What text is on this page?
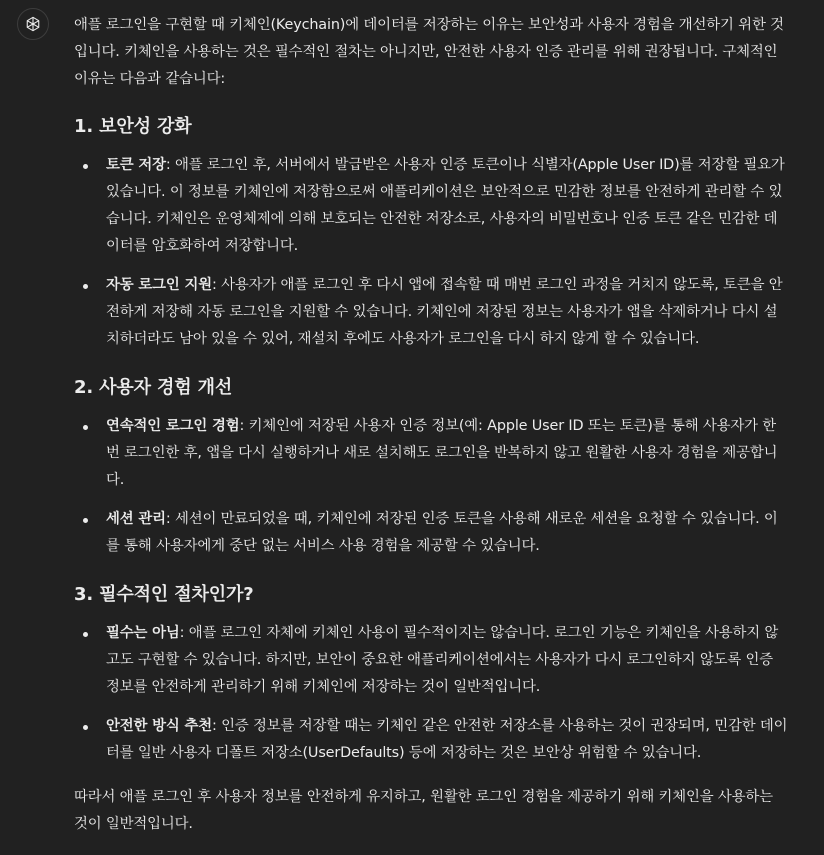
애플 로그인을 구현할 때 키체인(Keychain)에 데이터를 저장하는 이유는 보안성과 사용자 경험을 개선하기 위한 것입니다. 키체인을 사용하는 것은 필수적인 절차는 아니지만, 안전한 사용자 인증 관리를 위해 권장됩니다. 구체적인 이유는 다음과 같습니다:

1. 보안성 강화
토큰 저장: 애플 로그인 후, 서버에서 발급받은 사용자 인증 토큰이나 식별자(Apple User ID)를 저장할 필요가 있습니다. 이 정보를 키체인에 저장함으로써 애플리케이션은 보안적으로 민감한 정보를 안전하게 관리할 수 있습니다. 키체인은 운영체제에 의해 보호되는 안전한 저장소로, 사용자의 비밀번호나 인증 토큰 같은 민감한 데이터를 암호화하여 저장합니다.
자동 로그인 지원: 사용자가 애플 로그인 후 다시 앱에 접속할 때 매번 로그인 과정을 거치지 않도록, 토큰을 안전하게 저장해 자동 로그인을 지원할 수 있습니다. 키체인에 저장된 정보는 사용자가 앱을 삭제하거나 다시 설치하더라도 남아 있을 수 있어, 재설치 후에도 사용자가 로그인을 다시 하지 않게 할 수 있습니다.
2. 사용자 경험 개선
연속적인 로그인 경험: 키체인에 저장된 사용자 인증 정보(예: Apple User ID 또는 토큰)를 통해 사용자가 한 번 로그인한 후, 앱을 다시 실행하거나 새로 설치해도 로그인을 반복하지 않고 원활한 사용자 경험을 제공합니다.
세션 관리: 세션이 만료되었을 때, 키체인에 저장된 인증 토큰을 사용해 새로운 세션을 요청할 수 있습니다. 이를 통해 사용자에게 중단 없는 서비스 사용 경험을 제공할 수 있습니다.
3. 필수적인 절차인가?
필수는 아님: 애플 로그인 자체에 키체인 사용이 필수적이지는 않습니다. 로그인 기능은 키체인을 사용하지 않고도 구현할 수 있습니다. 하지만, 보안이 중요한 애플리케이션에서는 사용자가 다시 로그인하지 않도록 인증 정보를 안전하게 관리하기 위해 키체인에 저장하는 것이 일반적입니다.
안전한 방식 추천: 인증 정보를 저장할 때는 키체인 같은 안전한 저장소를 사용하는 것이 권장되며, 민감한 데이터를 일반 사용자 디폴트 저장소(UserDefaults) 등에 저장하는 것은 보안상 위험할 수 있습니다.

따라서 애플 로그인 후 사용자 정보를 안전하게 유지하고, 원활한 로그인 경험을 제공하기 위해 키체인을 사용하는 것이 일반적입니다.
